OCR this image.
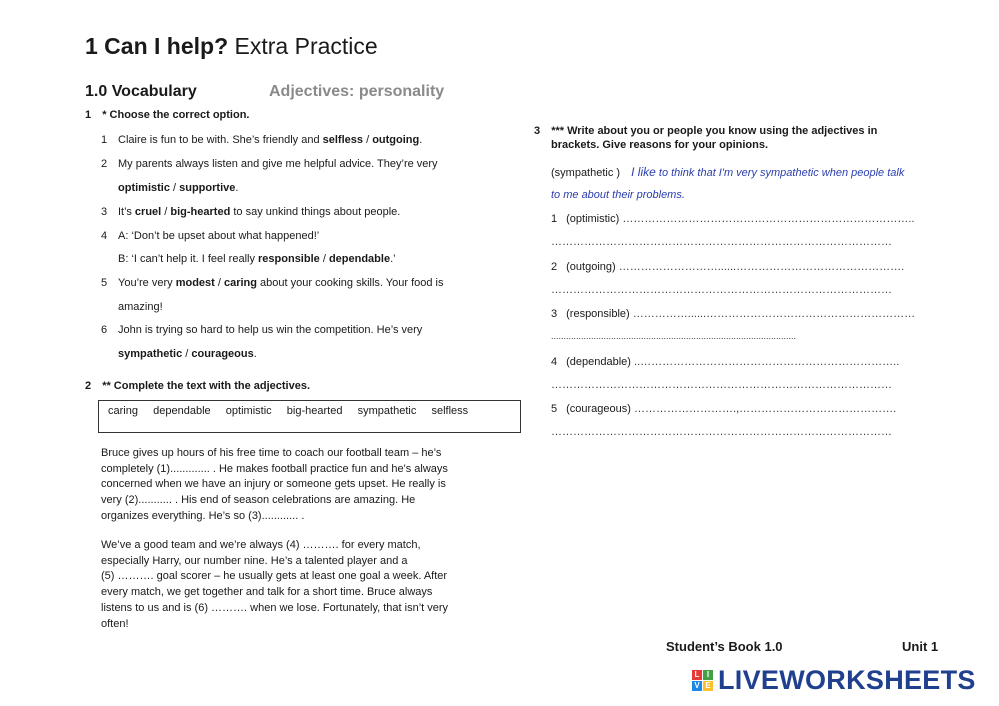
1 Can I help? Extra Practice
1.0 Vocabulary	Adjectives: personality
1 * Choose the correct option.
1 Claire is fun to be with. She’s friendly and selfless / outgoing.
2 My parents always listen and give me helpful advice. They’re very
optimistic / supportive.
3 It’s cruel / big-hearted to say unkind things about people.
4 A: ‘Don’t be upset about what happened!’
B: ‘I can’t help it. I feel really responsible / dependable.’
5 You’re very modest / caring about your cooking skills. Your food is
amazing!
6 John is trying so hard to help us win the competition. He’s very
sympathetic / courageous.
2 ** Complete the text with the adjectives.
caring   dependable   optimistic   big-hearted   sympathetic   selfless
Bruce gives up hours of his free time to coach our football team – he’s
completely (1)............. . He makes football practice fun and he's always
concerned when we have an injury or someone gets upset. He really is
very (2)........... . His end of season celebrations are amazing. He
organizes everything. He’s so (3)............ .
We’ve a good team and we’re always (4) ………. for every match,
especially Harry, our number nine. He’s a talented player and a
(5) ………. goal scorer – he usually gets at least one goal a week. After
every match, we get together and talk for a short time. Bruce always
listens to us and is (6) ………. when we lose. Fortunately, that isn’t very
often!
3 *** Write about you or people you know using the adjectives in
brackets. Give reasons for your opinions.
(sympathetic ) I like to think that I'm very sympathetic when people talk
to me about their problems.
1 (optimistic) ……………………………………………………………………..
…………………………………………………………………………………
2 (outgoing) ………………………......……………………………………….
…………………………………………………………………………………
3 (responsible) ……………......…………………………………………………
..................................................................................................
4 (dependable) ..……………………………………………………………..
…………………………………………………………………………………
5 (courageous) ……………………….,…………………………………….
…………………………………………………………………………………
Student’s Book 1.0	Unit 1
L I
V E LIVEWORKSHEETS
